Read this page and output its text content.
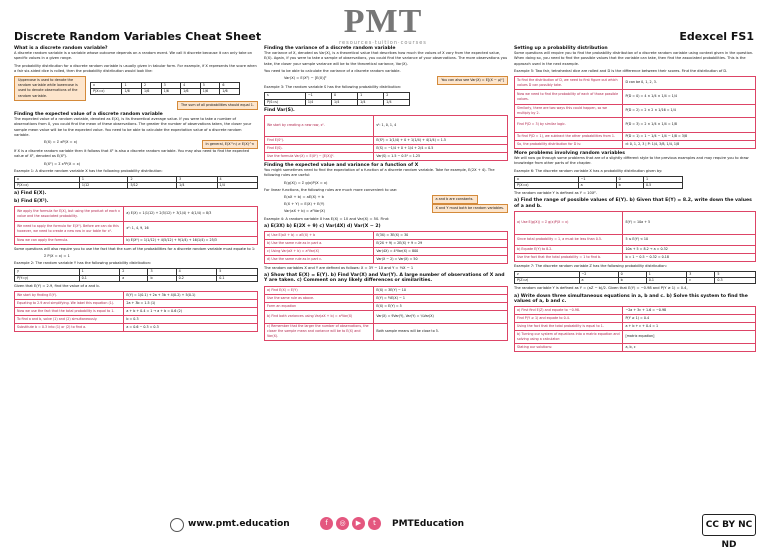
PMT
resources·tuition·courses
Discrete Random Variables Cheat Sheet	Edexcel FS1
What is a discrete random variable?

A discrete random variable is a variable whose outcome depends on a random event. We call it discrete because it can only take on specific values in a given range.

The probability distribution for a discrete random variable is usually given in tabular form. For example, if X represents the score when a fair six-sided dice is rolled, then the probability distribution would look like:

Uppercase is used to denote the random variable while lowercase is used to denote observations of the random variable.
x	1	2	3	4	5	6
P(X=x)	1/6	1/6	1/6	1/6	1/6	1/6
The sum of all probabilities should equal 1.
Finding the expected value of a discrete random variable

The expected value of a random variable, denoted as E(X), is its theoretical average value. If you were to take a number of observations from X, you could find the mean of these observations. The greater the number of observations taken, the closer your sample mean value will be to the expected value. You need to be able to calculate the expectation value of a discrete random variable.

E(X) = Σ xP(X = x)	In general, E(X^n) ≠ E(X)^n

If X is a discrete random variable then it follows that X² is also a discrete random variable. You may also need to find the expected value of X², denoted as E(X²).

E(X²) = Σ x²P(X = x)

Example 1: A discrete random variable X has the following probability distribution:

x	1	2	3	4
P(X=x)	1/12	5/12	1/4	1/4

a) Find E(X).

b) Find E(X²).

We apply the formula for E(X), but using the product of each x value and the associated probability.	a) E(X) = 1(1/12) + 2(5/12) + 3(1/4) + 4(1/4) = 8/3
We need to apply the formula for E(X²). Before we can do this however, we need to create a new row in our table for x².	x²: 1, 4, 9, 16
Now we can apply the formula.	b) E(X²) = 1(1/12) + 4(5/12) + 9(1/4) + 16(1/4) = 25/3

Some questions will also require you to use the fact that the sum of the probabilities for a discrete random variable must equate to 1:

Σ P(X = x) = 1

Example 2: The random variable Y has the following probability distribution:

y	1	2	3	4	5
P(Y=y)	0.1	a	b	0.2	0.1

Given that E(Y) = 2.9, find the value of a and b.

We start by finding E(Y).	E(Y) = 1(0.1) + 2a + 3b + 4(0.2) + 5(0.1)
Equating to 2.9 and simplifying. We label this equation (1).	2a + 3b = 1.5 (1)
Now we use the fact that the total probability is equal to 1.	a + b + 0.4 = 1 → a + b = 0.6 (2)
To find a and b, solve (1) and (2) simultaneously.	b = 0.3
Substitute b = 0.3 into (1) or (2) to find a.	a = 0.6 − 0.3 = 0.3
Finding the variance of a discrete random variable

The variance of X, denoted as Var(X), is a theoretical value that describes how much the values of X vary from the expected value, E(X). Again, if you were to take a sample of observations, you could find the variance of your observations. The more observations you take, the closer your sample variance will be to the theoretical variance, Var(X).

You need to be able to calculate the variance of a discrete random variable.

Var(X) = E(X²) − [E(X)]²	You can also see Var(X) = E[(X − μ)²]

Example 3: The random variable S has the following probability distribution:

s	−1	0	1	2
P(S=s)	1/4	1/4	1/4	1/4

Find Var(S).

We start by creating a new row, s².	s²: 1, 0, 1, 4
Find E(S²).	E(S²) = 1(1/4) + 0 + 1(1/4) + 4(1/4) = 1.5
Find E(S).	E(S) = −1/4 + 0 + 1/4 + 2/4 = 0.5
Use the formula Var(X) = E(X²) − [E(X)]².	Var(S) = 1.5 − 0.5² = 1.25
Finding the expected value and variance for a function of X

You might sometimes need to find the expectation of a function of a discrete random variable. Take for example, E(2X + 4). The following rules are useful:

E(g(X)) = Σ g(x)P(X = x)

For linear functions, the following rules are much more convenient to use:

E(aX + b) = aE(X) + b

E(X + Y) = E(X) + E(Y)

Var(aX + b) = a²Var(X)

a and b are constants.
X and Y must both be random variables.

Example 4: A random variable X has E(X) = 10 and Var(X) = 50. Find:

a) E(3X) b) E(2X + 9) c) Var(4X) d) Var(X − 2)

a) Use E(aX + b) = aE(X) + b	E(3X) = 3E(X) = 30
b) Use the same rule as in part a.	E(2X + 9) = 2E(X) + 9 = 29
c) Using Var(aX + b) = a²Var(X)	Var(4X) = 4²Var(X) = 800
d) Use the same rule as in part c.	Var(X − 2) = Var(X) = 50

The random variables X and Y are defined as follows: X = 3Y − 10 and Y = ½X − 1

a) Show that E(X) = E(Y). b) Find Var(X) and Var(Y). A large number of observations of X and Y are taken. c) Comment on any likely differences or similarities.

a) Find E(X) = E(Y)	E(X) = 3E(Y) − 10
Use the same rule as above.	E(Y) = ½E(X) − 1
Form an equation	E(X) = E(Y) = 5
b) Find both variances using Var(aX + b) = a²Var(X)	Var(X) = 9Var(Y), Var(Y) = ¼Var(X)
c) Remember that the larger the number of observations, the closer the sample mean and variance will be to E(X) and Var(X).	Both sample means will be close to 5.
Setting up a probability distribution

Some questions will require you to find the probability distribution of a discrete random variable using context given in the question. When doing so, you need to find the possible values that the variable can take, then find the associated probabilities. This is the approach used in the next example.

Example 5: Two fair, tetrahedral dice are rolled and D is the difference between their scores. Find the distribution of D.

To find the distribution of D, we need to first figure out which values D can possibly take.	D can be 0, 1, 2, 3.
Now we need to find the probability of each of those possible values.	P(D = 0) = 4 × 1/4 × 1/4 = 1/4
Similarly, there are two ways this could happen, so we multiply by 2.	P(D = 2) = 2 × 2 × 1/16 = 1/4
Find P(D = 3) by similar logic.	P(D = 3) = 2 × 1/4 × 1/4 = 1/8
To find P(D = 1), we subtract the other probabilities from 1.	P(D = 1) = 1 − 1/4 − 1/4 − 1/8 = 3/8
So, the probability distribution for D is:	d: 0, 1, 2, 3 | P: 1/4, 3/8, 1/4, 1/8
More problems involving random variables

We will now go through some problems that are of a slightly different style to the previous examples and may require you to draw knowledge from other parts of the chapter.

Example 6: The discrete random variable X has a probability distribution given by:

x	−1	0	1
P(X=x)	a	b	0.5

The random variable Y is defined as Y = 10X².

a) Find the range of possible values of E(Y). b) Given that E(Y) = 8.2, write down the values of a and b.

a) Use E(g(X)) = Σ g(x)P(X = x)	E(Y) = 10a + 5
Since total probability = 1, a must be less than 0.5.	5 ≤ E(Y) < 10
b) Equate E(Y) to 8.2.	10a + 5 = 8.2 → a = 0.32
Use the fact that the total probability = 1 to find b.	b = 1 − 0.5 − 0.32 = 0.18

Example 7: The discrete random variable Z has the following probability distribution:

z	−2	0	1	3	5
P(Z=z)	a	b	0.1	c	0.3

The random variable Y is defined as Y = (aZ − b)/2. Given that E(Y) = −0.98 and P(Y ≥ 1) = 0.4,

a) Write down three simultaneous equations in a, b and c. b) Solve this system to find the values of a, b and c.

a) First find E(Z) and equate to −0.98.	−2a + 3c + 1.6 = −0.98
Find P(Y ≥ 1) and equate to 0.4.	P(Y ≥ 1) = 0.4
Using the fact that the total probability is equal to 1.	a + b + c + 0.4 = 1
b) Turning our system of equations into a matrix equation and solving using a calculator:	[matrix equation]
Stating our solutions:	a, b, c
www.pmt.education	f	◎	▶	t	PMTEducation	CC BY NC ND
